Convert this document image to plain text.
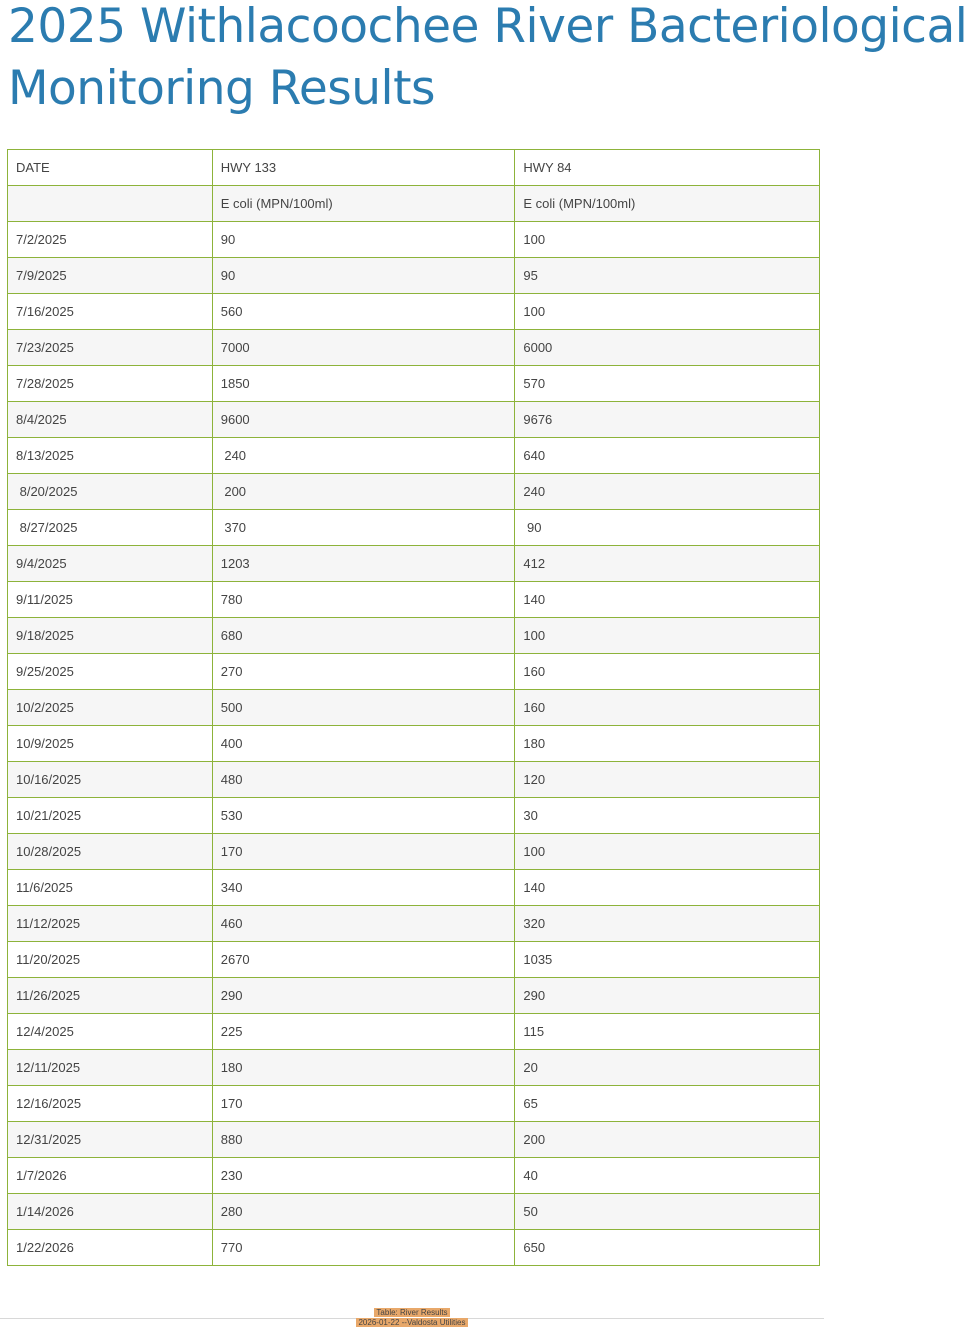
2025 Withlacoochee River Bacteriological
Monitoring Results
DATE	HWY 133	HWY 84
	E coli (MPN/100ml)	E coli (MPN/100ml)
7/2/2025	90	100
7/9/2025	90	95
7/16/2025	560	100
7/23/2025	7000	6000
7/28/2025	1850	570
8/4/2025	9600	9676
8/13/2025	240	640
8/20/2025	200	240
8/27/2025	370	90
9/4/2025	1203	412
9/11/2025	780	140
9/18/2025	680	100
9/25/2025	270	160
10/2/2025	500	160
10/9/2025	400	180
10/16/2025	480	120
10/21/2025	530	30
10/28/2025	170	100
11/6/2025	340	140
11/12/2025	460	320
11/20/2025	2670	1035
11/26/2025	290	290
12/4/2025	225	115
12/11/2025	180	20
12/16/2025	170	65
12/31/2025	880	200
1/7/2026	230	40
1/14/2026	280	50
1/22/2026	770	650
Table: River Results
2026-01-22 --Valdosta Utilities
